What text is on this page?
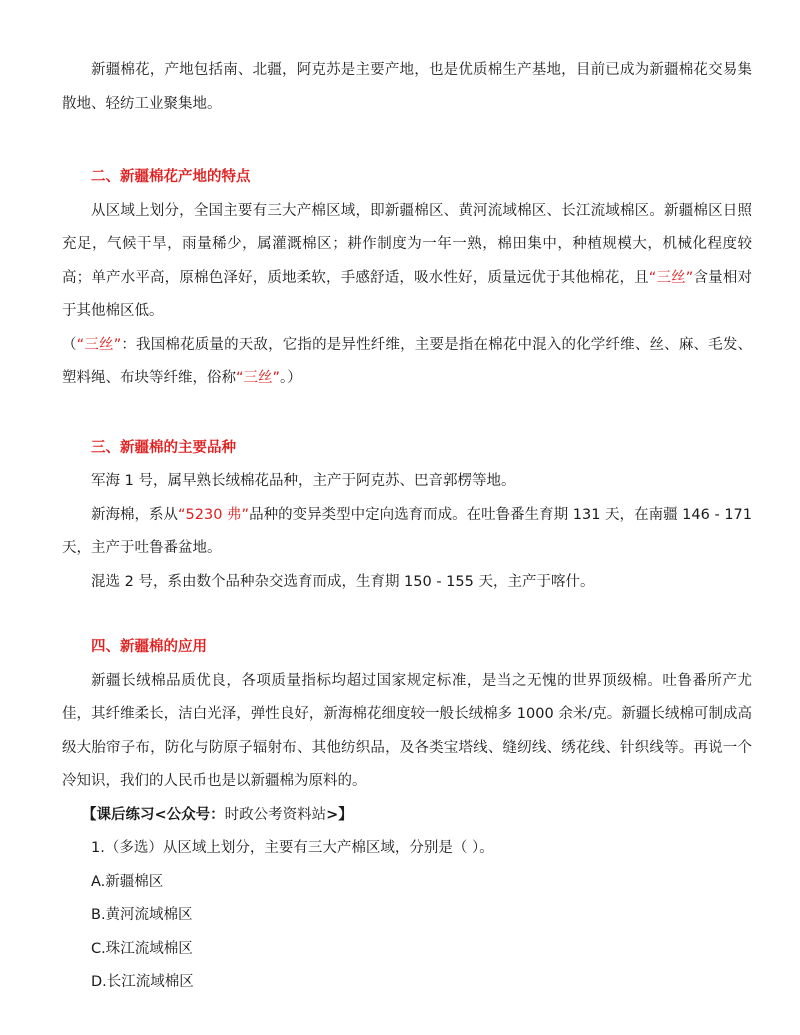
新疆棉花，产地包括南、北疆，阿克苏是主要产地，也是优质棉生产基地，目前已成为新疆棉花交易集散地、轻纺工业聚集地。

二、新疆棉花产地的特点

从区域上划分，全国主要有三大产棉区域，即新疆棉区、黄河流域棉区、长江流域棉区。新疆棉区日照充足，气候干旱，雨量稀少，属灌溉棉区；耕作制度为一年一熟，棉田集中，种植规模大，机械化程度较高；单产水平高，原棉色泽好，质地柔软，手感舒适，吸水性好，质量远优于其他棉花，且“三丝”含量相对于其他棉区低。

（“三丝”：我国棉花质量的天敌，它指的是异性纤维，主要是指在棉花中混入的化学纤维、丝、麻、毛发、塑料绳、布块等纤维，俗称“三丝”。）

三、新疆棉的主要品种

军海 1 号，属早熟长绒棉花品种，主产于阿克苏、巴音郭楞等地。

新海棉，系从“5230 弗”品种的变异类型中定向选育而成。在吐鲁番生育期 131 天，在南疆 146 - 171 天，主产于吐鲁番盆地。

混选 2 号，系由数个品种杂交选育而成，生育期 150 - 155 天，主产于喀什。

四、新疆棉的应用

新疆长绒棉品质优良，各项质量指标均超过国家规定标准，是当之无愧的世界顶级棉。吐鲁番所产尤佳，其纤维柔长，洁白光泽，弹性良好，新海棉花细度较一般长绒棉多 1000 余米/克。新疆长绒棉可制成高级大胎帘子布，防化与防原子辐射布、其他纺织品，及各类宝塔线、缝纫线、绣花线、针织线等。再说一个冷知识，我们的人民币也是以新疆棉为原料的。

【课后练习<公众号：时政公考资料站>】

1.（多选）从区域上划分，主要有三大产棉区域，分别是（ ）。

A.新疆棉区

B.黄河流域棉区

C.珠江流域棉区

D.长江流域棉区
